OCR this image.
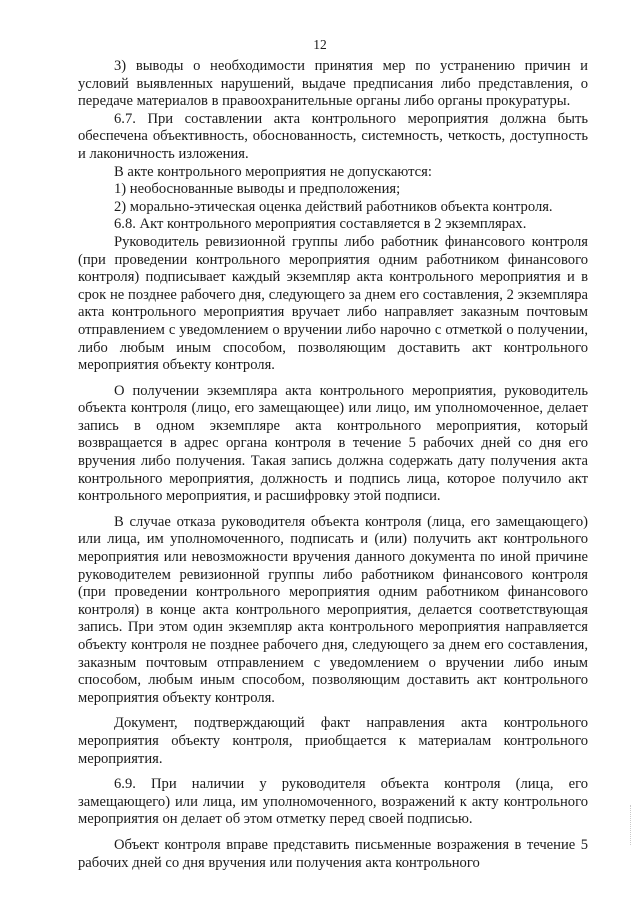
12

3) выводы о необходимости принятия мер по устранению причин и условий выявленных нарушений, выдаче предписания либо представления, о передаче материалов в правоохранительные органы либо органы прокуратуры.

6.7. При составлении акта контрольного мероприятия должна быть обеспечена объективность, обоснованность, системность, четкость, доступность и лаконичность изложения.

В акте контрольного мероприятия не допускаются:

1) необоснованные выводы и предположения;

2) морально-этическая оценка действий работников объекта контроля.

6.8. Акт контрольного мероприятия составляется в 2 экземплярах.

Руководитель ревизионной группы либо работник финансового контроля (при проведении контрольного мероприятия одним работником финансового контроля) подписывает каждый экземпляр акта контрольного мероприятия и в срок не позднее рабочего дня, следующего за днем его составления, 2 экземпляра акта контрольного мероприятия вручает либо направляет заказным почтовым отправлением с уведомлением о вручении либо нарочно с отметкой о получении, либо любым иным способом, позволяющим доставить акт контрольного мероприятия объекту контроля.

О получении экземпляра акта контрольного мероприятия, руководитель объекта контроля (лицо, его замещающее) или лицо, им уполномоченное, делает запись в одном экземпляре акта контрольного мероприятия, который возвращается в адрес органа контроля в течение 5 рабочих дней со дня его вручения либо получения. Такая запись должна содержать дату получения акта контрольного мероприятия, должность и подпись лица, которое получило акт контрольного мероприятия, и расшифровку этой подписи.

В случае отказа руководителя объекта контроля (лица, его замещающего) или лица, им уполномоченного, подписать и (или) получить акт контрольного мероприятия или невозможности вручения данного документа по иной причине руководителем ревизионной группы либо работником финансового контроля (при проведении контрольного мероприятия одним работником финансового контроля) в конце акта контрольного мероприятия, делается соответствующая запись. При этом один экземпляр акта контрольного мероприятия направляется объекту контроля не позднее рабочего дня, следующего за днем его составления, заказным почтовым отправлением с уведомлением о вручении либо иным способом, любым иным способом, позволяющим доставить акт контрольного мероприятия объекту контроля.

Документ, подтверждающий факт направления акта контрольного мероприятия объекту контроля, приобщается к материалам контрольного мероприятия.

6.9. При наличии у руководителя объекта контроля (лица, его замещающего) или лица, им уполномоченного, возражений к акту контрольного мероприятия он делает об этом отметку перед своей подписью.

Объект контроля вправе представить письменные возражения в течение 5 рабочих дней со дня вручения или получения акта контрольного
